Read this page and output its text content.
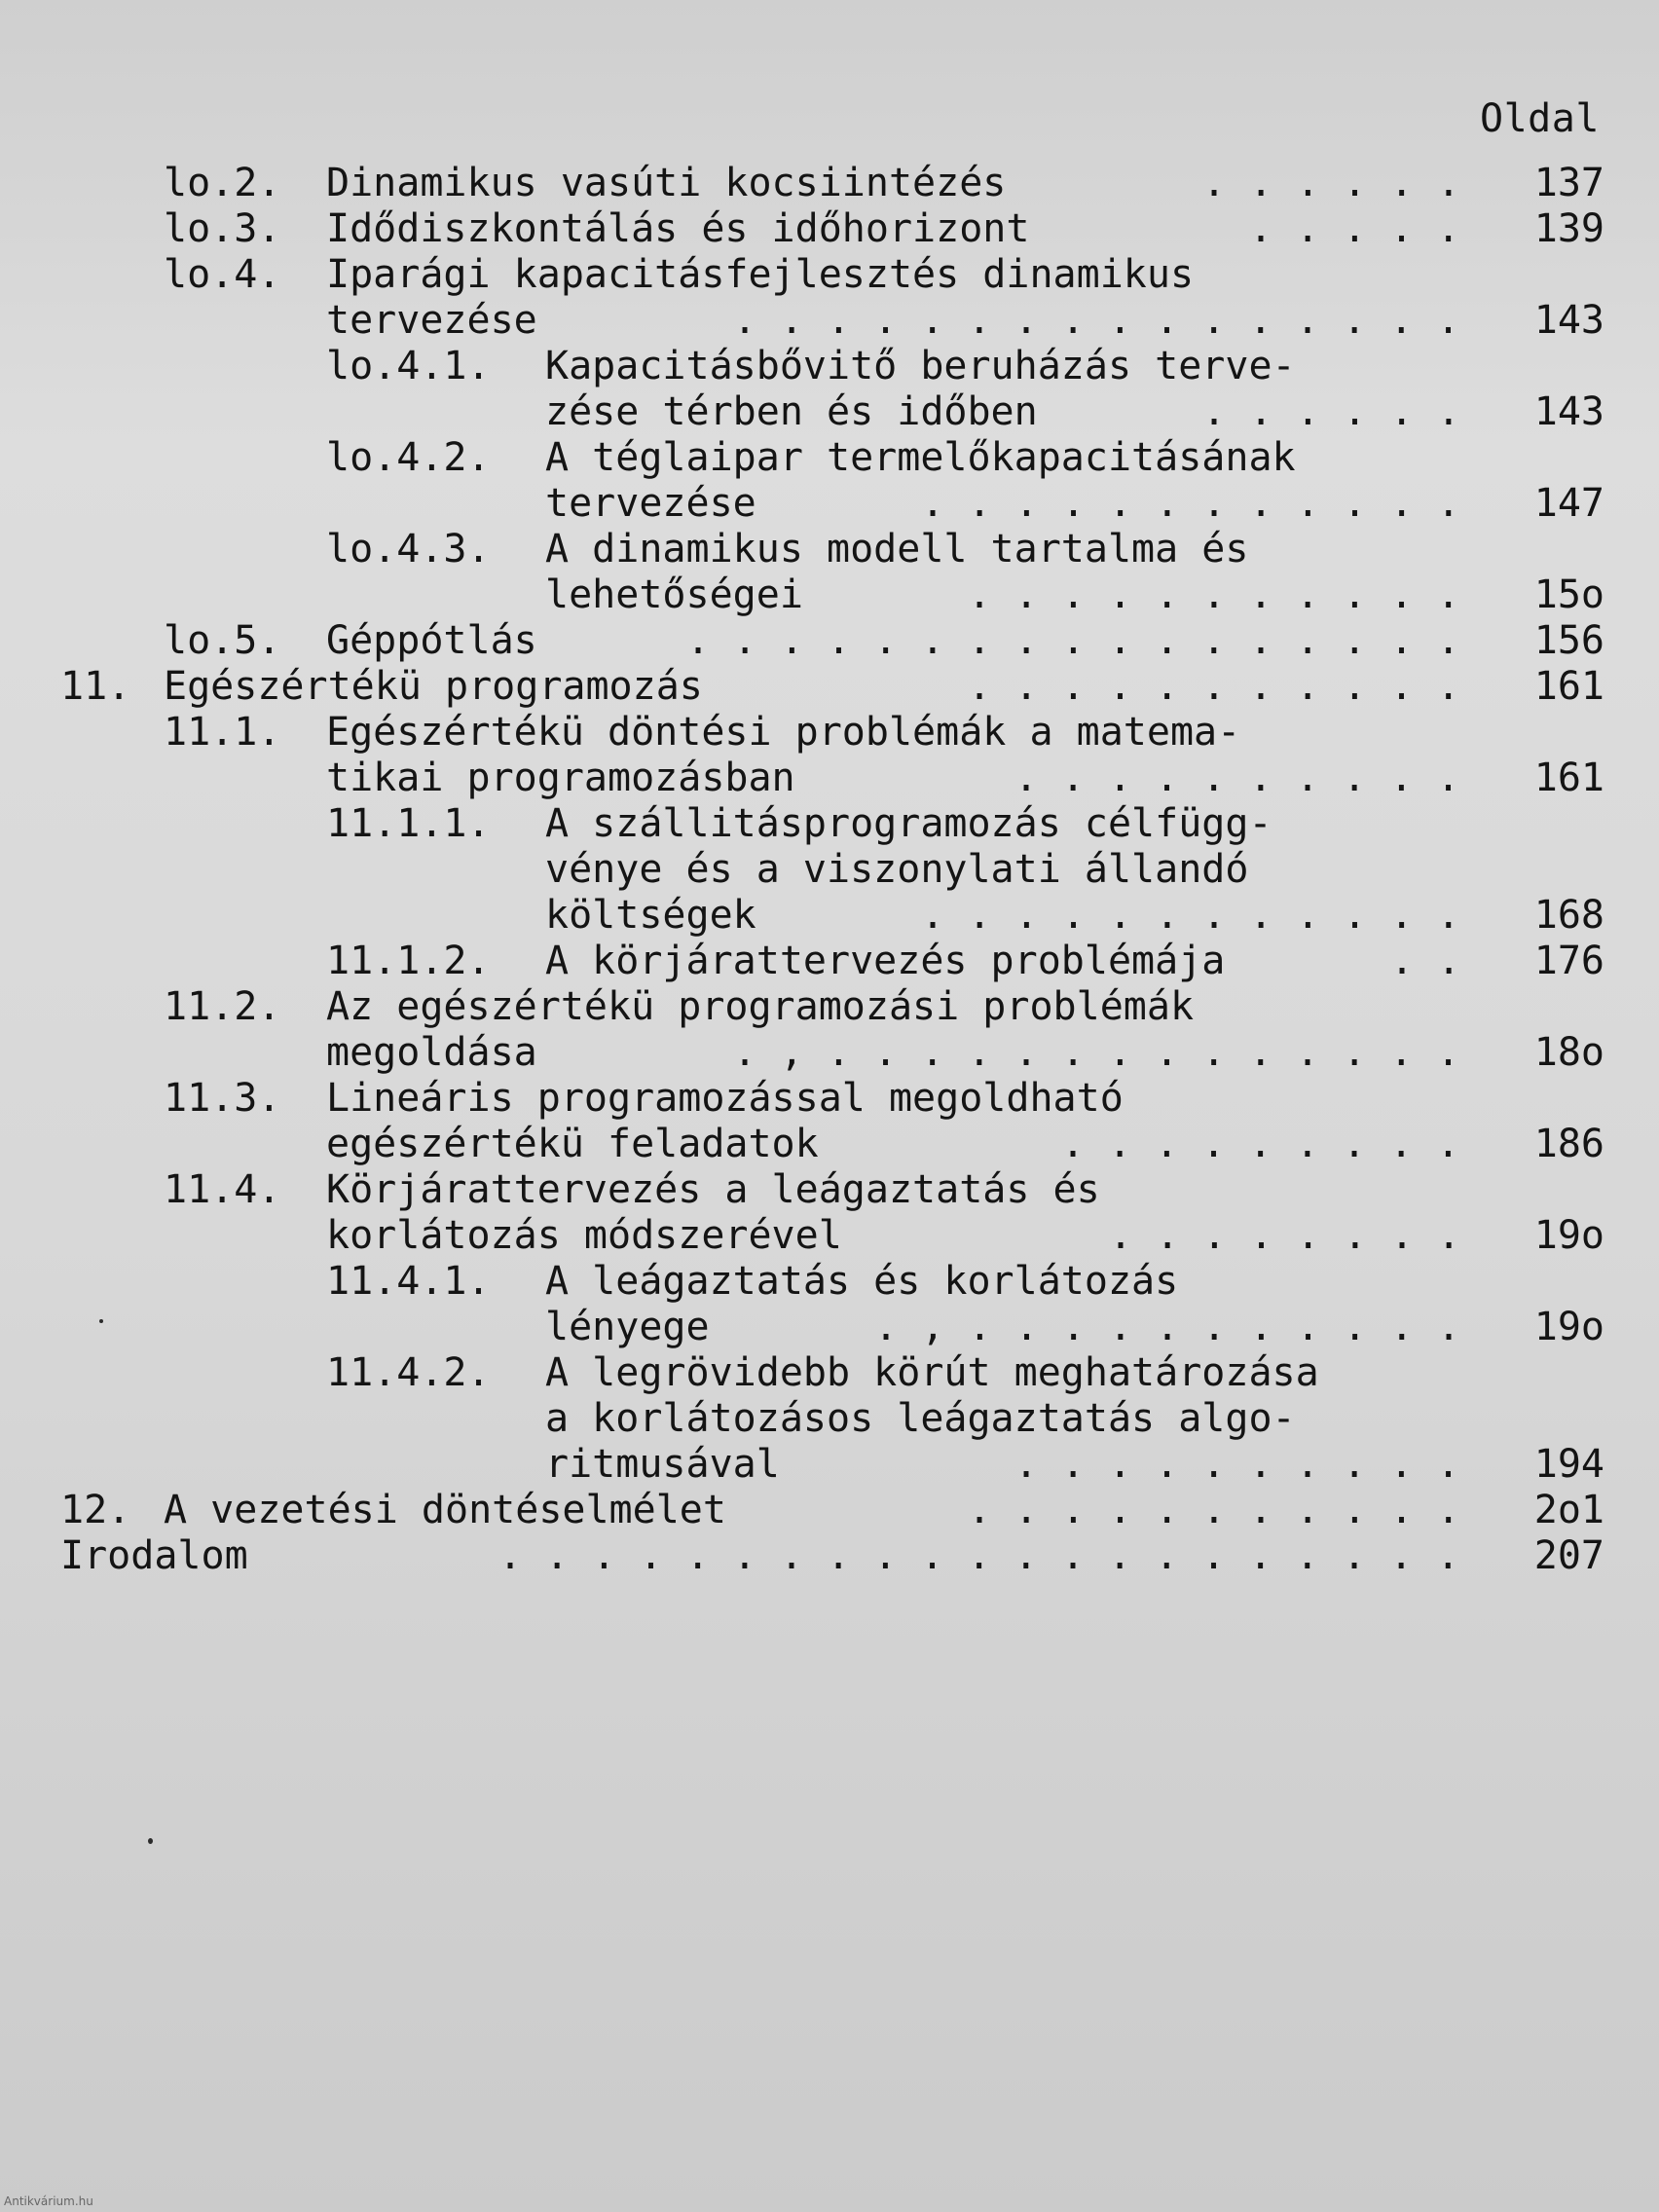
Oldal
lo.2. Dinamikus vasúti kocsiintézés	. . . . . .	137
lo.3. Idődiszkontálás és időhorizont	. . . . .	139
lo.4. Iparági kapacitásfejlesztés dinamikus
tervezése	. . . . . . . . . . . . . . . .	143
lo.4.1. Kapacitásbővitő beruházás terve-
zése térben és időben	. . . . . .	143
lo.4.2. A téglaipar termelőkapacitásának
tervezése	. . . . . . . . . . . .	147
lo.4.3. A dinamikus modell tartalma és
lehetőségei	. . . . . . . . . . .	15o
lo.5. Géppótlás	. . . . . . . . . . . . . . . . .	156
11. Egészértékü programozás	. . . . . . . . . . .	161
11.1. Egészértékü döntési problémák a matema-
tikai programozásban	. . . . . . . . . .	161
11.1.1. A szállitásprogramozás célfügg-
vénye és a viszonylati állandó
költségek	. . . . . . . . . . . .	168
11.1.2. A körjárattervezés problémája	. .	176
11.2. Az egészértékü programozási problémák
megoldása	. , . . . . . . . . . . . . . .	18o
11.3. Lineáris programozással megoldható
egészértékü feladatok	. . . . . . . . .	186
11.4. Körjárattervezés a leágaztatás és
korlátozás módszerével	. . . . . . . .	19o
11.4.1. A leágaztatás és korlátozás
lényege	. , . . . . . . . . . . .	19o
11.4.2. A legrövidebb körút meghatározása
a korlátozásos leágaztatás algo-
ritmusával	. . . . . . . . . .	194
12. A vezetési döntéselmélet	. . . . . . . . . . .	2o1
Irodalom	. . . . . . . . . . . . . . . . . . . . .	207
Antikvárium.hu
